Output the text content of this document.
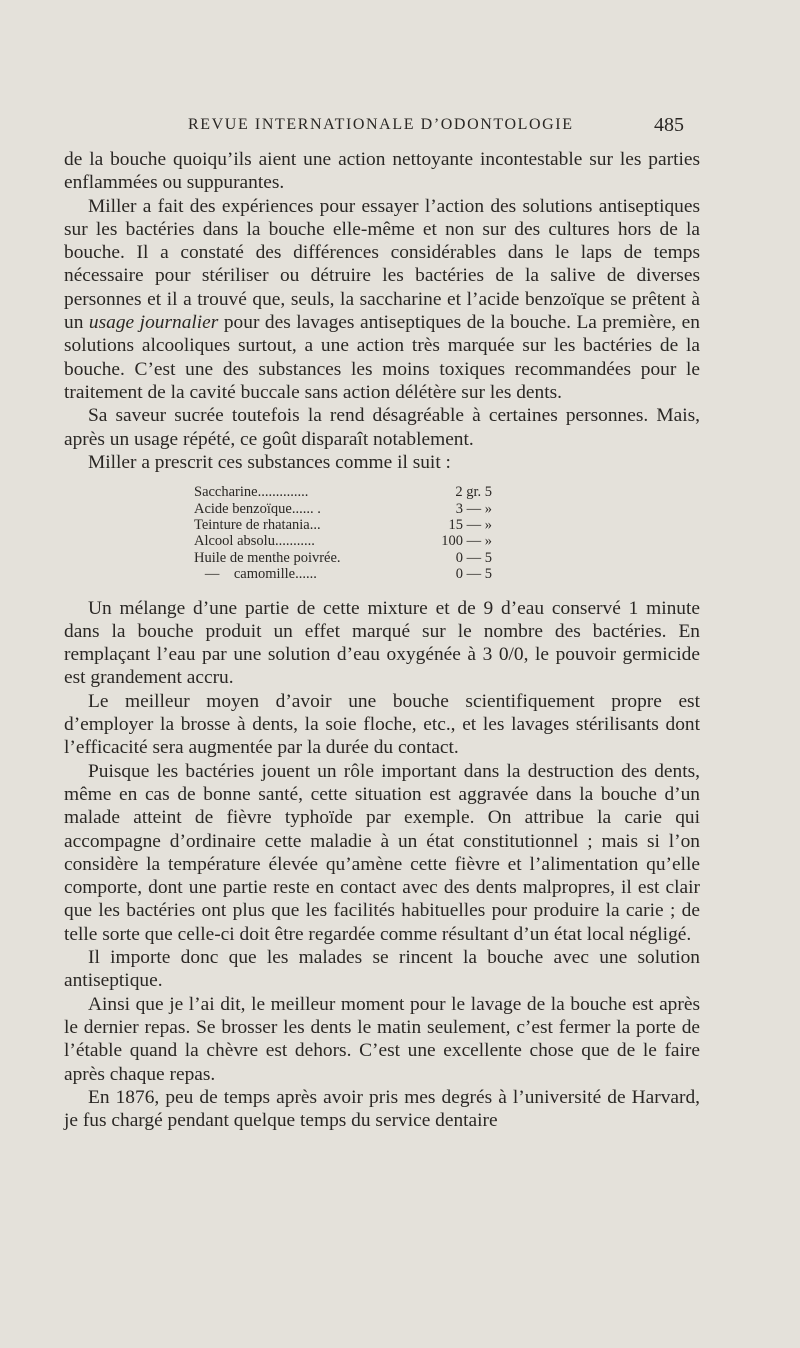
REVUE INTERNATIONALE D’ODONTOLOGIE	485

de la bouche quoiqu’ils aient une action nettoyante incontestable sur les parties enflammées ou suppurantes.

Miller a fait des expériences pour essayer l’action des solutions antiseptiques sur les bactéries dans la bouche elle-même et non sur des cultures hors de la bouche. Il a constaté des différences considérables dans le laps de temps nécessaire pour stériliser ou détruire les bactéries de la salive de diverses personnes et il a trouvé que, seuls, la saccharine et l’acide benzoïque se prêtent à un usage journalier pour des lavages antiseptiques de la bouche. La première, en solutions alcooliques surtout, a une action très marquée sur les bactéries de la bouche. C’est une des substances les moins toxiques recommandées pour le traitement de la cavité buccale sans action délétère sur les dents.

Sa saveur sucrée toutefois la rend désagréable à certaines personnes. Mais, après un usage répété, ce goût disparaît notablement.

Miller a prescrit ces substances comme il suit :

Saccharine..............	2 gr. 5
Acide benzoïque...... .	3 — »
Teinture de rhatania...	15 — »
Alcool absolu...........	100 — »
Huile de menthe poivrée.	0 — 5
—    camomille......	0 — 5

Un mélange d’une partie de cette mixture et de 9 d’eau conservé 1 minute dans la bouche produit un effet marqué sur le nombre des bactéries. En remplaçant l’eau par une solution d’eau oxygénée à 3 0/0, le pouvoir germicide est grandement accru.

Le meilleur moyen d’avoir une bouche scientifiquement propre est d’employer la brosse à dents, la soie floche, etc., et les lavages stérilisants dont l’efficacité sera augmentée par la durée du contact.

Puisque les bactéries jouent un rôle important dans la destruction des dents, même en cas de bonne santé, cette situation est aggravée dans la bouche d’un malade atteint de fièvre typhoïde par exemple. On attribue la carie qui accompagne d’ordinaire cette maladie à un état constitutionnel ; mais si l’on considère la température élevée qu’amène cette fièvre et l’alimentation qu’elle comporte, dont une partie reste en contact avec des dents malpropres, il est clair que les bactéries ont plus que les facilités habituelles pour produire la carie ; de telle sorte que celle-ci doit être regardée comme résultant d’un état local négligé.

Il importe donc que les malades se rincent la bouche avec une solution antiseptique.

Ainsi que je l’ai dit, le meilleur moment pour le lavage de la bouche est après le dernier repas. Se brosser les dents le matin seulement, c’est fermer la porte de l’étable quand la chèvre est dehors. C’est une excellente chose que de le faire après chaque repas.

En 1876, peu de temps après avoir pris mes degrés à l’université de Harvard, je fus chargé pendant quelque temps du service dentaire
